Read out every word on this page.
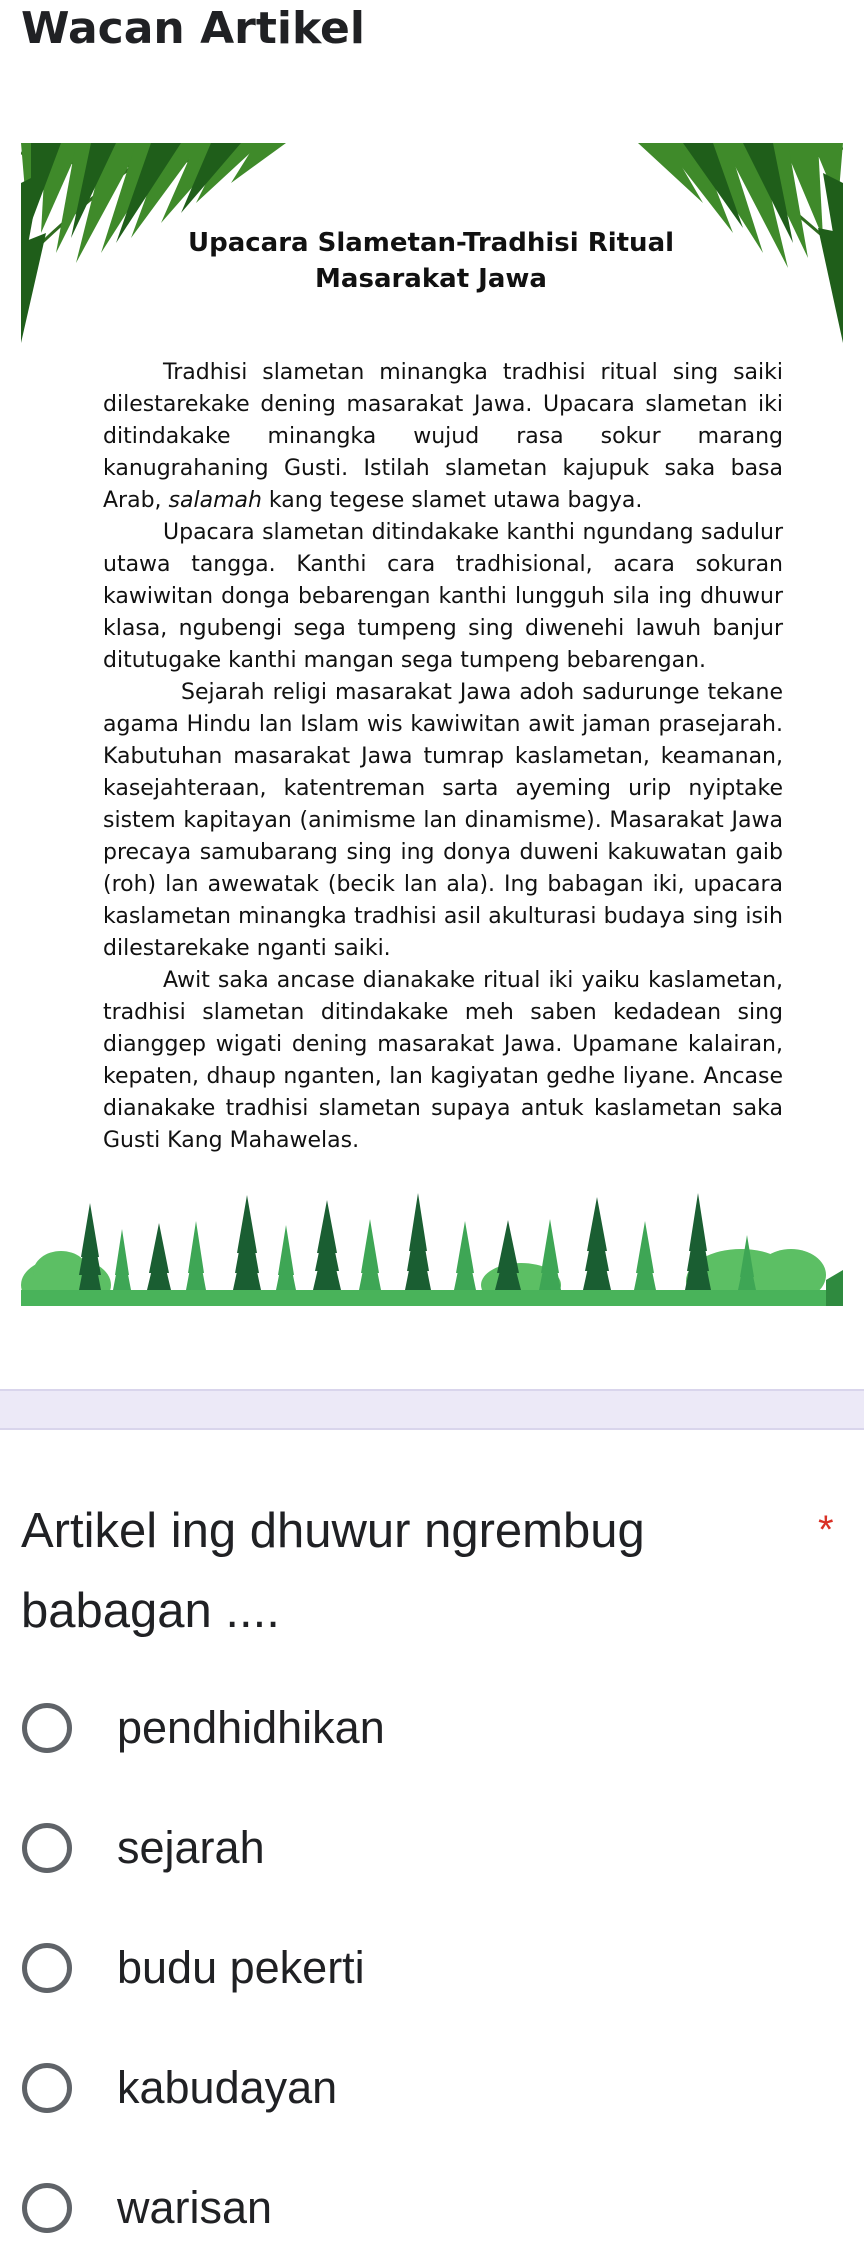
Wacan Artikel
Upacara Slametan-Tradhisi Ritual Masarakat Jawa

Tradhisi slametan minangka tradhisi ritual sing saiki dilestarekake dening masarakat Jawa. Upacara slametan iki ditindakake minangka wujud rasa sokur marang kanugrahaning Gusti. Istilah slametan kajupuk saka basa Arab, salamah kang tegese slamet utawa bagya.

Upacara slametan ditindakake kanthi ngundang sadulur utawa tangga. Kanthi cara tradhisional, acara sokuran kawiwitan donga bebarengan kanthi lungguh sila ing dhuwur klasa, ngubengi sega tumpeng sing diwenehi lawuh banjur ditutugake kanthi mangan sega tumpeng bebarengan.

Sejarah religi masarakat Jawa adoh sadurunge tekane agama Hindu lan Islam wis kawiwitan awit jaman prasejarah. Kabutuhan masarakat Jawa tumrap kaslametan, keamanan, kasejahteraan, katentreman sarta ayeming urip nyiptake sistem kapitayan (animisme lan dinamisme). Masarakat Jawa precaya samubarang sing ing donya duweni kakuwatan gaib (roh) lan awewatak (becik lan ala). Ing babagan iki, upacara kaslametan minangka tradhisi asil akulturasi budaya sing isih dilestarekake nganti saiki.

Awit saka ancase dianakake ritual iki yaiku kaslametan, tradhisi slametan ditindakake meh saben kedadean sing dianggep wigati dening masarakat Jawa. Upamane kalairan, kepaten, dhaup nganten, lan kagiyatan gedhe liyane. Ancase dianakake tradhisi slametan supaya antuk kaslametan saka Gusti Kang Mahawelas.

Artikel ing dhuwur ngrembug babagan ....
*
pendhidhikan
sejarah
budu pekerti
kabudayan
warisan
